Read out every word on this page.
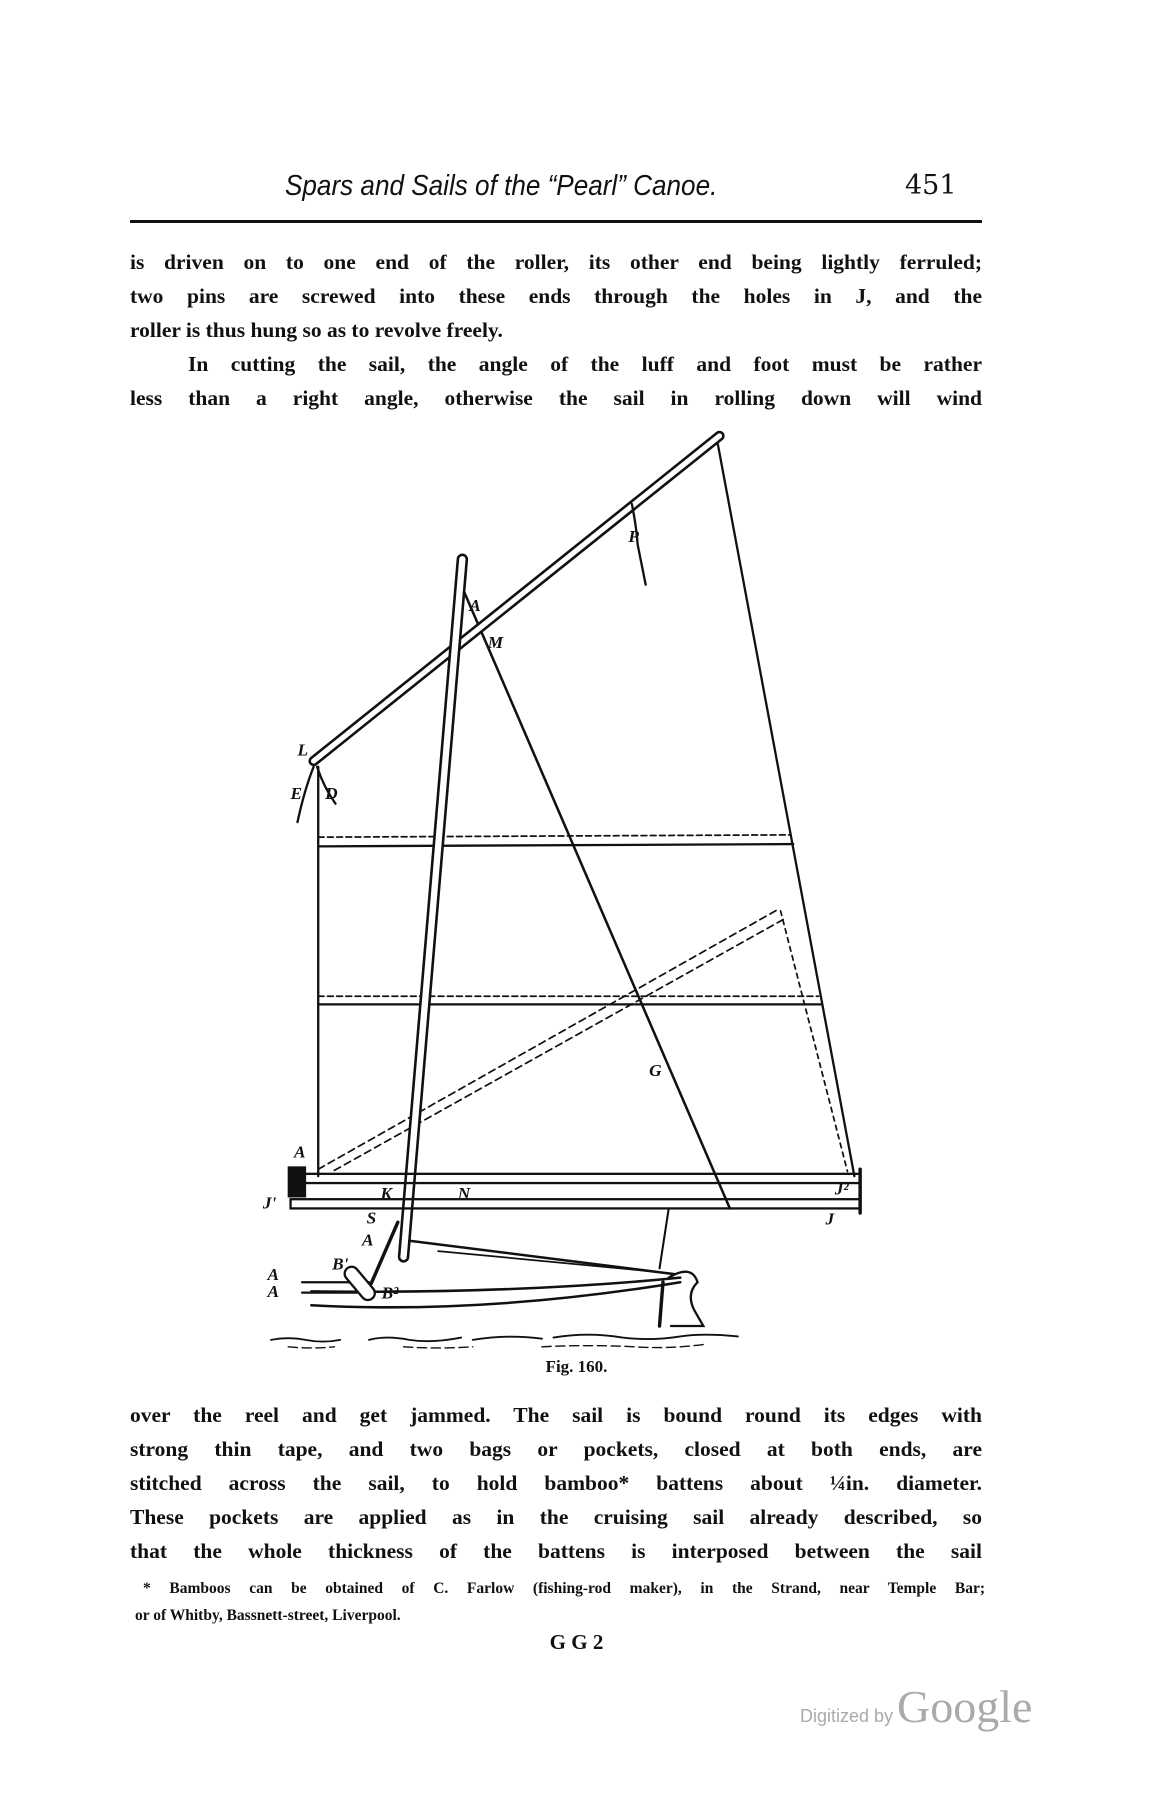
Spars and Sails of the “Pearl” Canoe.	451

is driven on to one end of the roller, its other end being lightly ferruled;

two pins are screwed into these ends through the holes in J, and the

roller is thus hung so as to revolve freely.

In cutting the sail, the angle of the luff and foot must be rather

less than a right angle, otherwise the sail in rolling down will wind

A
M
P
L
E D
A
J'	K	N
S
A
B'
A
A	B²
G
J²
J
Fig. 160.

over the reel and get jammed. The sail is bound round its edges with

strong thin tape, and two bags or pockets, closed at both ends, are

stitched across the sail, to hold bamboo* battens about ¼in. diameter.

These pockets are applied as in the cruising sail already described, so

that the whole thickness of the battens is interposed between the sail

* Bamboos can be obtained of C. Farlow (fishing-rod maker), in the Strand, near Temple Bar;

or of Whitby, Bassnett-street, Liverpool.

G G 2
Digitized by Google
